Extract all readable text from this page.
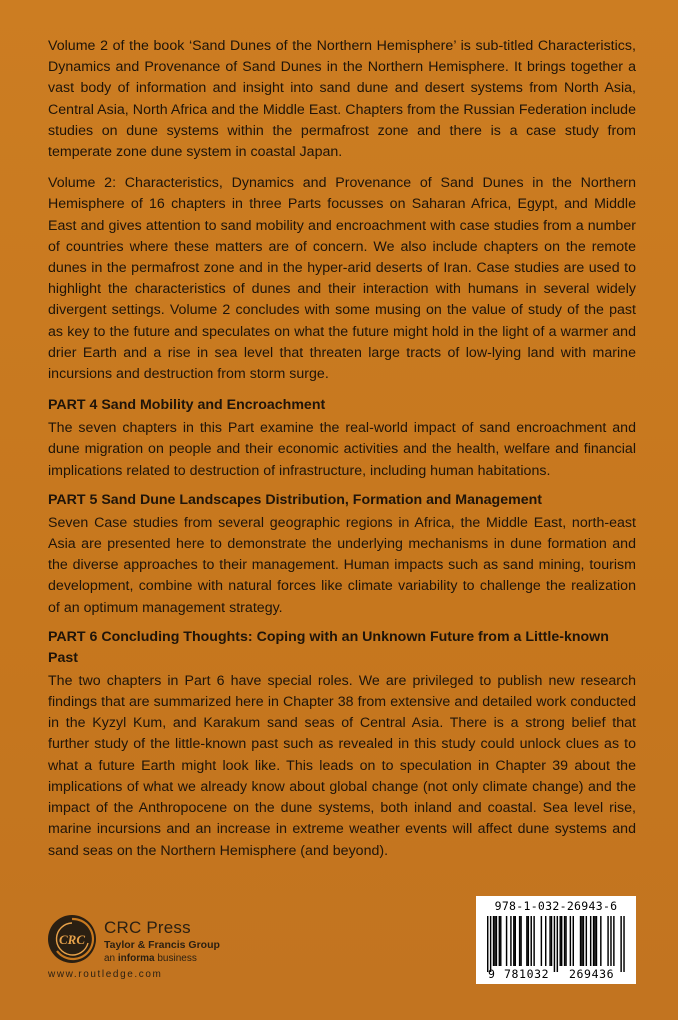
Volume 2 of the book ‘Sand Dunes of the Northern Hemisphere’ is sub-titled Characteristics, Dynamics and Provenance of Sand Dunes in the Northern Hemisphere. It brings together a vast body of information and insight into sand dune and desert systems from North Asia, Central Asia, North Africa and the Middle East. Chapters from the Russian Federation include studies on dune systems within the permafrost zone and there is a case study from temperate zone dune system in coastal Japan.

Volume 2: Characteristics, Dynamics and Provenance of Sand Dunes in the Northern Hemisphere of 16 chapters in three Parts focusses on Saharan Africa, Egypt, and Middle East and gives attention to sand mobility and encroachment with case studies from a number of countries where these matters are of concern. We also include chapters on the remote dunes in the permafrost zone and in the hyper-arid deserts of Iran. Case studies are used to highlight the characteristics of dunes and their interaction with humans in several widely divergent settings. Volume 2 concludes with some musing on the value of study of the past as key to the future and speculates on what the future might hold in the light of a warmer and drier Earth and a rise in sea level that threaten large tracts of low-lying land with marine incursions and destruction from storm surge.

PART 4 Sand Mobility and Encroachment

The seven chapters in this Part examine the real-world impact of sand encroachment and dune migration on people and their economic activities and the health, welfare and financial implications related to destruction of infrastructure, including human habitations.

PART 5 Sand Dune Landscapes Distribution, Formation and Management

Seven Case studies from several geographic regions in Africa, the Middle East, north-east Asia are presented here to demonstrate the underlying mechanisms in dune formation and the diverse approaches to their management. Human impacts such as sand mining, tourism development, combine with natural forces like climate variability to challenge the realization of an optimum management strategy.

PART 6 Concluding Thoughts: Coping with an Unknown Future from a Little-known Past

The two chapters in Part 6 have special roles. We are privileged to publish new research findings that are summarized here in Chapter 38 from extensive and detailed work conducted in the Kyzyl Kum, and Karakum sand seas of Central Asia. There is a strong belief that further study of the little-known past such as revealed in this study could unlock clues as to what a future Earth might look like. This leads on to speculation in Chapter 39 about the implications of what we already know about global change (not only climate change) and the impact of the Anthropocene on the dune systems, both inland and coastal. Sea level rise, marine incursions and an increase in extreme weather events will affect dune systems and sand seas on the Northern Hemisphere (and beyond).

CRC
CRC Press
Taylor & Francis Group
an informa business
www.routledge.com
978-1-032-26943-6
9 781032 269436
